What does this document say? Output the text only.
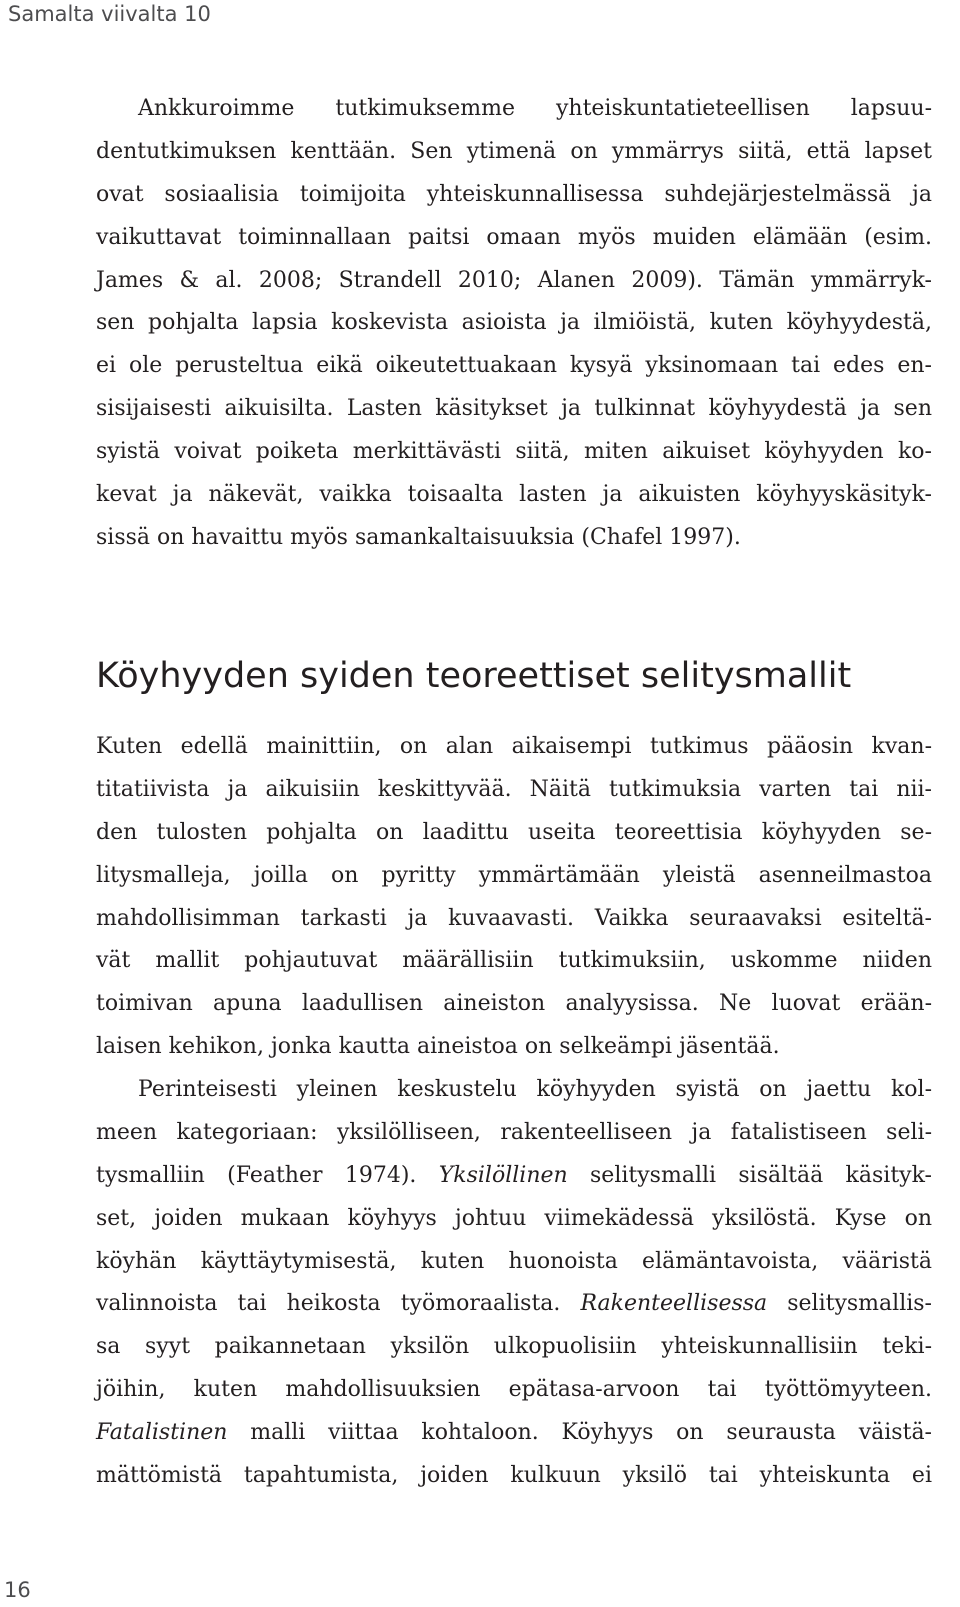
Samalta viivalta 10
Ankkuroimme tutkimuksemme yhteiskuntatieteellisen lapsuu-
dentutkimuksen kenttään. Sen ytimenä on ymmärrys siitä, että lapset
ovat sosiaalisia toimijoita yhteiskunnallisessa suhdejärjestelmässä ja
vaikuttavat toiminnallaan paitsi omaan myös muiden elämään (esim.
James & al. 2008; Strandell 2010; Alanen 2009). Tämän ymmärryk-
sen pohjalta lapsia koskevista asioista ja ilmiöistä, kuten köyhyydestä,
ei ole perusteltua eikä oikeutettuakaan kysyä yksinomaan tai edes en-
sisijaisesti aikuisilta. Lasten käsitykset ja tulkinnat köyhyydestä ja sen
syistä voivat poiketa merkittävästi siitä, miten aikuiset köyhyyden ko-
kevat ja näkevät, vaikka toisaalta lasten ja aikuisten köyhyyskäsityk-
sissä on havaittu myös samankaltaisuuksia (Chafel 1997).
Köyhyyden syiden teoreettiset selitysmallit
Kuten edellä mainittiin, on alan aikaisempi tutkimus pääosin kvan-
titatiivista ja aikuisiin keskittyvää. Näitä tutkimuksia varten tai nii-
den tulosten pohjalta on laadittu useita teoreettisia köyhyyden se-
litysmalleja, joilla on pyritty ymmärtämään yleistä asenneilmastoa
mahdollisimman tarkasti ja kuvaavasti. Vaikka seuraavaksi esiteltä-
vät mallit pohjautuvat määrällisiin tutkimuksiin, uskomme niiden
toimivan apuna laadullisen aineiston analyysissa. Ne luovat erään-
laisen kehikon, jonka kautta aineistoa on selkeämpi jäsentää.
Perinteisesti yleinen keskustelu köyhyyden syistä on jaettu kol-
meen kategoriaan: yksilölliseen, rakenteelliseen ja fatalistiseen seli-
tysmalliin (Feather 1974). Yksilöllinen selitysmalli sisältää käsityk-
set, joiden mukaan köyhyys johtuu viimekädessä yksilöstä. Kyse on
köyhän käyttäytymisestä, kuten huonoista elämäntavoista, vääristä
valinnoista tai heikosta työmoraalista. Rakenteellisessa selitysmallis-
sa syyt paikannetaan yksilön ulkopuolisiin yhteiskunnallisiin teki-
jöihin, kuten mahdollisuuksien epätasa-arvoon tai työttömyyteen.
Fatalistinen malli viittaa kohtaloon. Köyhyys on seurausta väistä-
mättömistä tapahtumista, joiden kulkuun yksilö tai yhteiskunta ei
16
